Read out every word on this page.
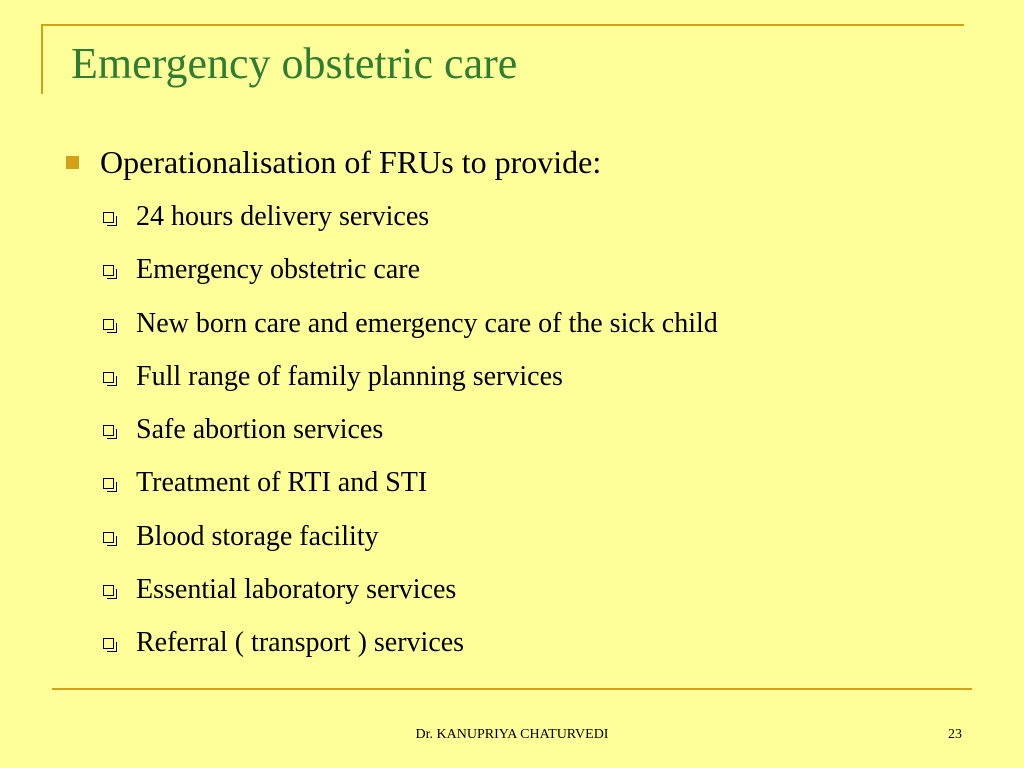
Emergency obstetric care
Operationalisation of FRUs to provide:
24 hours delivery services
Emergency obstetric care
New born care and emergency care of the sick child
Full range of family planning services
Safe abortion services
Treatment of RTI and STI
Blood storage facility
Essential laboratory services
Referral ( transport ) services
Dr. KANUPRIYA CHATURVEDI	23
